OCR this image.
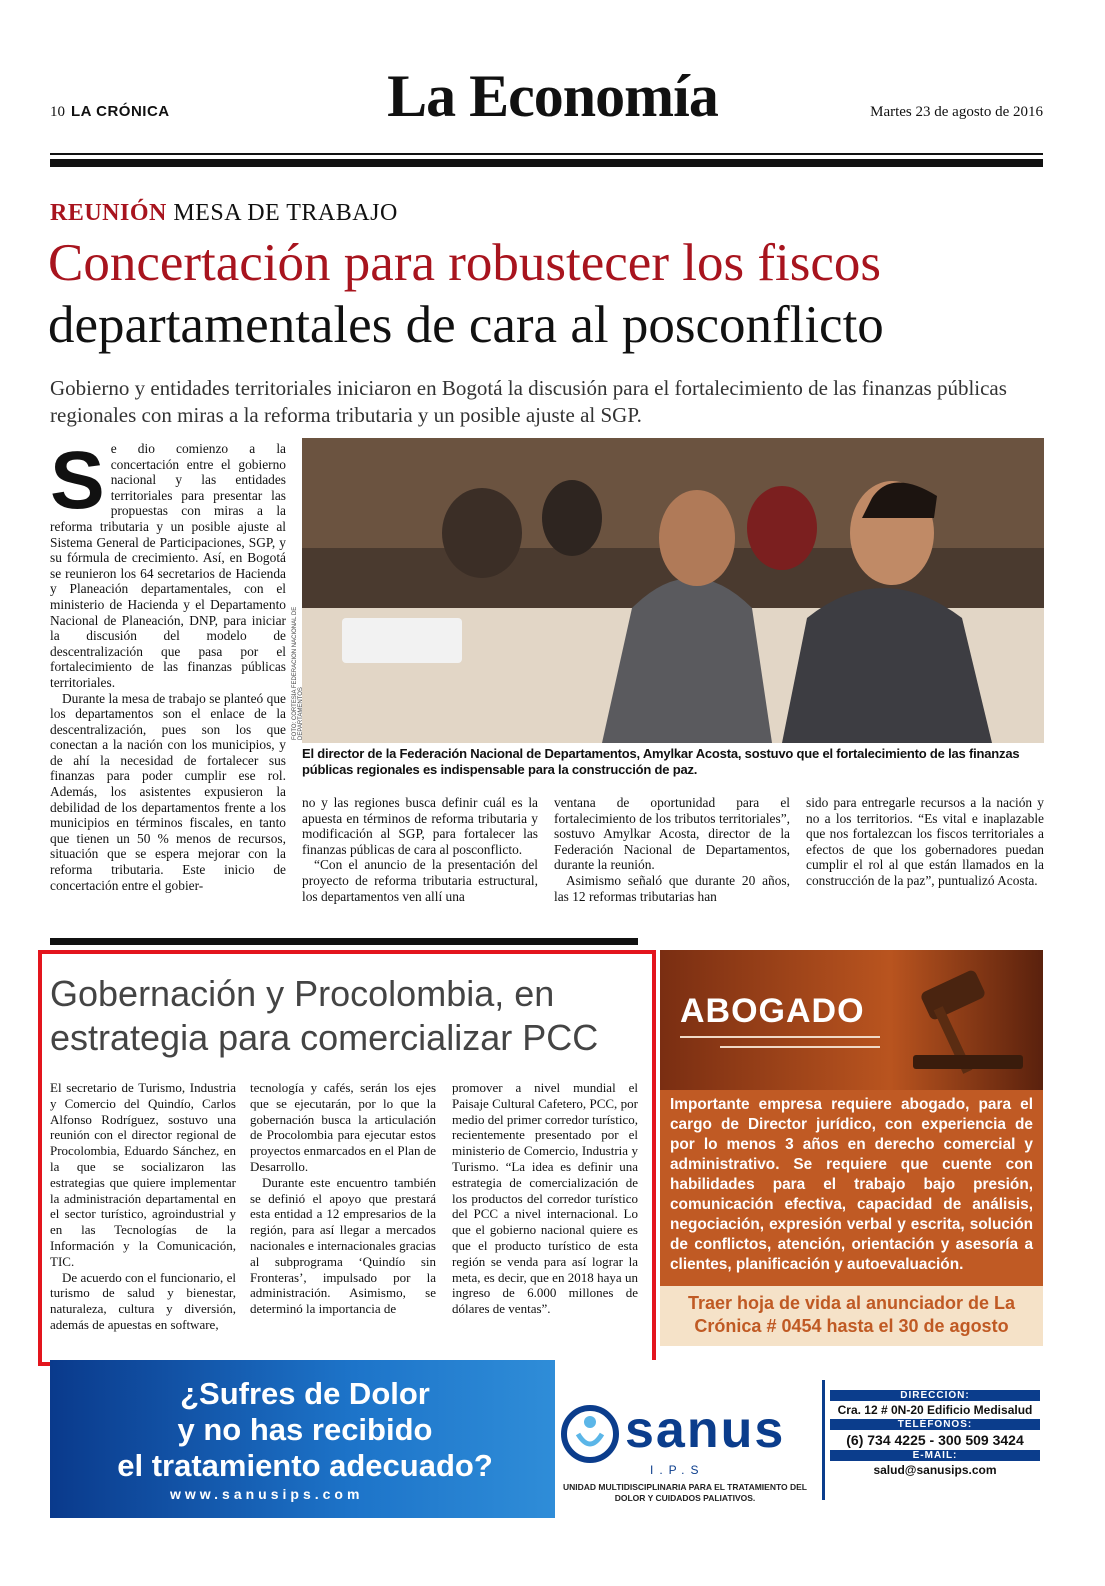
10 LA CRÓNICA	La Economía	Martes 23 de agosto de 2016
REUNIÓN MESA DE TRABAJO
Concertación para robustecer los fiscos
departamentales de cara al posconflicto
Gobierno y entidades territoriales iniciaron en Bogotá la discusión para el fortalecimiento de las finanzas públicas regionales con miras a la reforma tributaria y un posible ajuste al SGP.

Se dio comienzo a la concertación entre el gobierno nacional y las entidades territoriales para presentar las propuestas con miras a la reforma tributaria y un posible ajuste al Sistema General de Participaciones, SGP, y su fórmula de crecimiento. Así, en Bogotá se reunieron los 64 secretarios de Hacienda y Planeación departamentales, con el ministerio de Hacienda y el Departamento Nacional de Planeación, DNP, para iniciar la discusión del modelo de descentralización que pasa por el fortalecimiento de las finanzas públicas territoriales.

Durante la mesa de trabajo se planteó que los departamentos son el enlace de la descentralización, pues son los que conectan a la nación con los municipios, y de ahí la necesidad de fortalecer sus finanzas para poder cumplir ese rol. Además, los asistentes expusieron la debilidad de los departamentos frente a los municipios en términos fiscales, en tanto que tienen un 50 % menos de recursos, situación que se espera mejorar con la reforma tributaria. Este inicio de concertación entre el gobier-

FOTO: CORTESÍA FEDERACIÓN NACIONAL DE DEPARTAMENTOS
El director de la Federación Nacional de Departamentos, Amylkar Acosta, sostuvo que el fortalecimiento de las finanzas públicas regionales es indispensable para la construcción de paz.

no y las regiones busca definir cuál es la apuesta en términos de reforma tributaria y modificación al SGP, para fortalecer las finanzas públicas de cara al posconflicto.

“Con el anuncio de la presentación del proyecto de reforma tributaria estructural, los departamentos ven allí una

ventana de oportunidad para el fortalecimiento de los tributos territoriales”, sostuvo Amylkar Acosta, director de la Federación Nacional de Departamentos, durante la reunión.

Asimismo señaló que durante 20 años, las 12 reformas tributarias han

sido para entregarle recursos a la nación y no a los territorios. “Es vital e inaplazable que nos fortalezcan los fiscos territoriales a efectos de que los gobernadores puedan cumplir el rol al que están llamados en la construcción de la paz”, puntualizó Acosta.

Gobernación y Procolombia, en estrategia para comercializar PCC

El secretario de Turismo, Industria y Comercio del Quindío, Carlos Alfonso Rodríguez, sostuvo una reunión con el director regional de Procolombia, Eduardo Sánchez, en la que se socializaron las estrategias que quiere implementar la administración departamental en el sector turístico, agroindustrial y en las Tecnologías de la Información y la Comunicación, TIC.

De acuerdo con el funcionario, el turismo de salud y bienestar, naturaleza, cultura y diversión, además de apuestas en software,

tecnología y cafés, serán los ejes que se ejecutarán, por lo que la gobernación busca la articulación de Procolombia para ejecutar estos proyectos enmarcados en el Plan de Desarrollo.

Durante este encuentro también se definió el apoyo que prestará esta entidad a 12 empresarios de la región, para así llegar a mercados nacionales e internacionales gracias al subprograma ‘Quindío sin Fronteras’, impulsado por la administración. Asimismo, se determinó la importancia de

promover a nivel mundial el Paisaje Cultural Cafetero, PCC, por medio del primer corredor turístico, recientemente presentado por el ministerio de Comercio, Industria y Turismo. “La idea es definir una estrategia de comercialización de los productos del corredor turístico del PCC a nivel internacional. Lo que el gobierno nacional quiere es que el producto turístico de esta región se venda para así lograr la meta, es decir, que en 2018 haya un ingreso de 6.000 millones de dólares de ventas”.

ABOGADO
Importante empresa requiere abogado, para el cargo de Director jurídico, con experiencia de por lo menos 3 años en derecho comercial y administrativo. Se requiere que cuente con habilidades para el trabajo bajo presión, comunicación efectiva, capacidad de análisis, negociación, expresión verbal y escrita, solución de conflictos, atención, orientación y asesoría a clientes, planificación y autoevaluación.
Traer hoja de vida al anunciador de La Crónica # 0454 hasta el 30 de agosto
¿Sufres de Dolor
y no has recibido
el tratamiento adecuado?
www.sanusips.com
sanus
I.P.S
UNIDAD MULTIDISCIPLINARIA PARA EL TRATAMIENTO DEL DOLOR Y CUIDADOS PALIATIVOS.
DIRECCIÓN:
Cra. 12 # 0N-20 Edificio Medisalud
TELÉFONOS:
(6) 734 4225 - 300 509 3424
E-MAIL:
salud@sanusips.com
